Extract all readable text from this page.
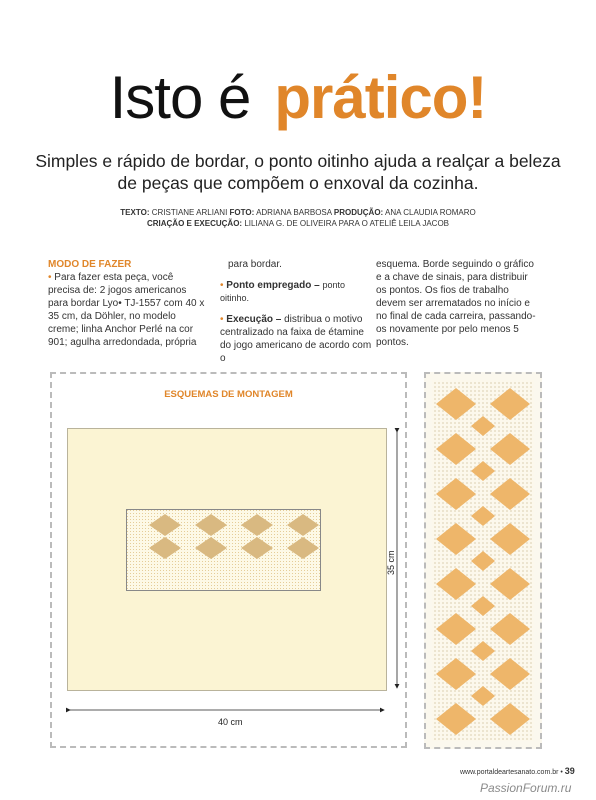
Isto é prático!
Simples e rápido de bordar, o ponto oitinho ajuda a realçar a beleza de peças que compõem o enxoval da cozinha.
TEXTO: CRISTIANE ARLIANI FOTO: ADRIANA BARBOSA PRODUÇÃO: ANA CLAUDIA ROMARO
CRIAÇÃO E EXECUÇÃO: LILIANA G. DE OLIVEIRA PARA O ATELIÊ LEILA JACOB
MODO DE FAZER
• Para fazer esta peça, você precisa de: 2 jogos americanos para bordar Lyo• TJ-1557 com 40 x 35 cm, da Döhler, no modelo creme; linha Anchor Perlé na cor 901; agulha arredondada, própria
para bordar.
• Ponto empregado – ponto oitinho.
• Execução – distribua o motivo centralizado na faixa de étamine do jogo americano de acordo com o
esquema. Borde seguindo o gráfico e a chave de sinais, para distribuir os pontos. Os fios de trabalho devem ser arrematados no início e no final de cada carreira, passando-os novamente por pelo menos 5 pontos.
ESQUEMAS DE MONTAGEM
35 cm
40 cm
www.portaldeartesanato.com.br • 39
PassionForum.ru
